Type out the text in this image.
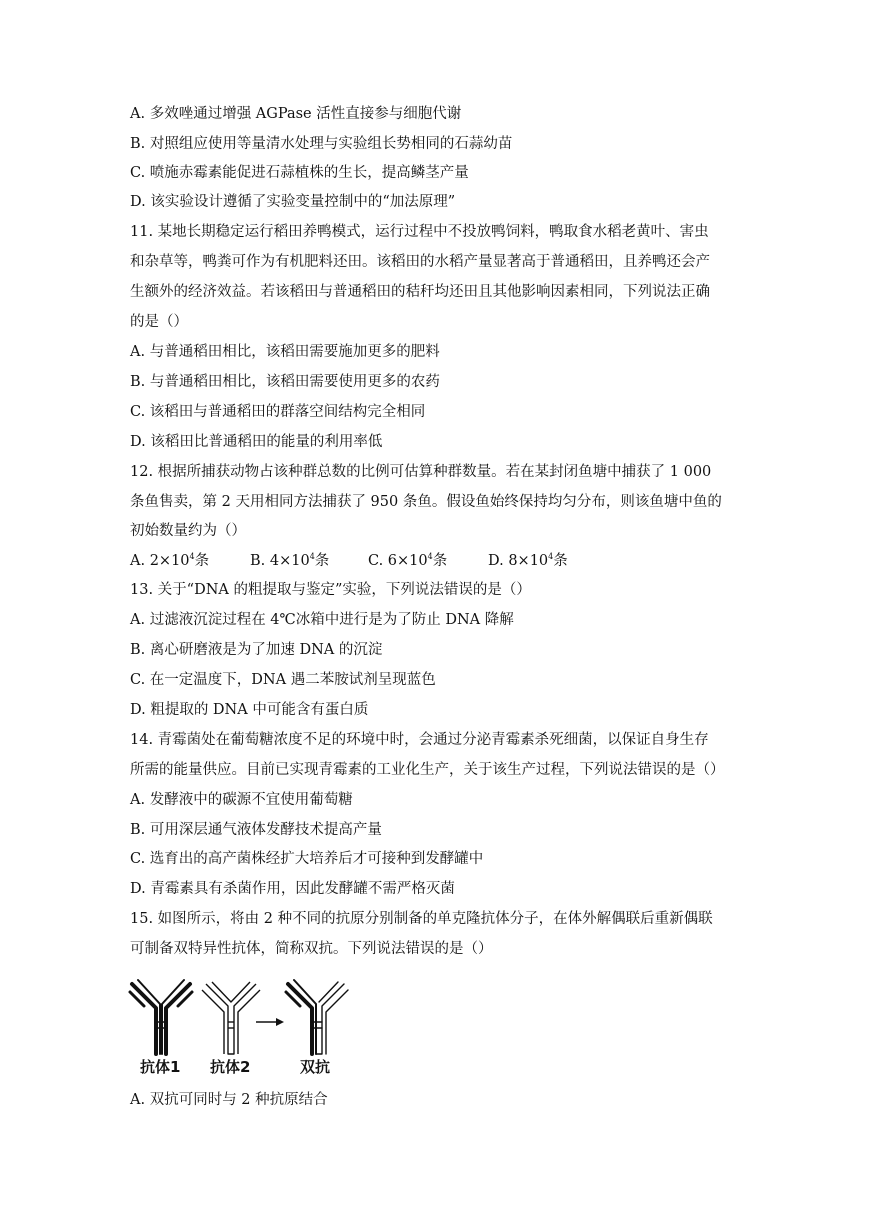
A. 多效唑通过增强 AGPase 活性直接参与细胞代谢
B. 对照组应使用等量清水处理与实验组长势相同的石蒜幼苗
C. 喷施赤霉素能促进石蒜植株的生长，提高鳞茎产量
D. 该实验设计遵循了实验变量控制中的“加法原理”
11. 某地长期稳定运行稻田养鸭模式，运行过程中不投放鸭饲料，鸭取食水稻老黄叶、害虫
和杂草等，鸭粪可作为有机肥料还田。该稻田的水稻产量显著高于普通稻田，且养鸭还会产
生额外的经济效益。若该稻田与普通稻田的秸秆均还田且其他影响因素相同，下列说法正确
的是（）
A. 与普通稻田相比，该稻田需要施加更多的肥料
B. 与普通稻田相比，该稻田需要使用更多的农药
C. 该稻田与普通稻田的群落空间结构完全相同
D. 该稻田比普通稻田的能量的利用率低
12. 根据所捕获动物占该种群总数的比例可估算种群数量。若在某封闭鱼塘中捕获了 1 000
条鱼售卖，第 2 天用相同方法捕获了 950 条鱼。假设鱼始终保持均匀分布，则该鱼塘中鱼的
初始数量约为（）
A. $2\times 10^4$条	B. $4\times 10^4$条	C. $6\times 10^4$条	D. $8\times 10^4$条
13. 关于“DNA 的粗提取与鉴定”实验，下列说法错误的是（）
A. 过滤液沉淀过程在 4℃冰箱中进行是为了防止 DNA 降解
B. 离心研磨液是为了加速 DNA 的沉淀
C. 在一定温度下，DNA 遇二苯胺试剂呈现蓝色
D. 粗提取的 DNA 中可能含有蛋白质
14. 青霉菌处在葡萄糖浓度不足的环境中时，会通过分泌青霉素杀死细菌，以保证自身生存
所需的能量供应。目前已实现青霉素的工业化生产，关于该生产过程，下列说法错误的是（）
A. 发酵液中的碳源不宜使用葡萄糖
B. 可用深层通气液体发酵技术提高产量
C. 选育出的高产菌株经扩大培养后才可接种到发酵罐中
D. 青霉素具有杀菌作用，因此发酵罐不需严格灭菌
15. 如图所示，将由 2 种不同的抗原分别制备的单克隆抗体分子，在体外解偶联后重新偶联
可制备双特异性抗体，简称双抗。下列说法错误的是（）
抗体1 抗体2	双抗
A. 双抗可同时与 2 种抗原结合
